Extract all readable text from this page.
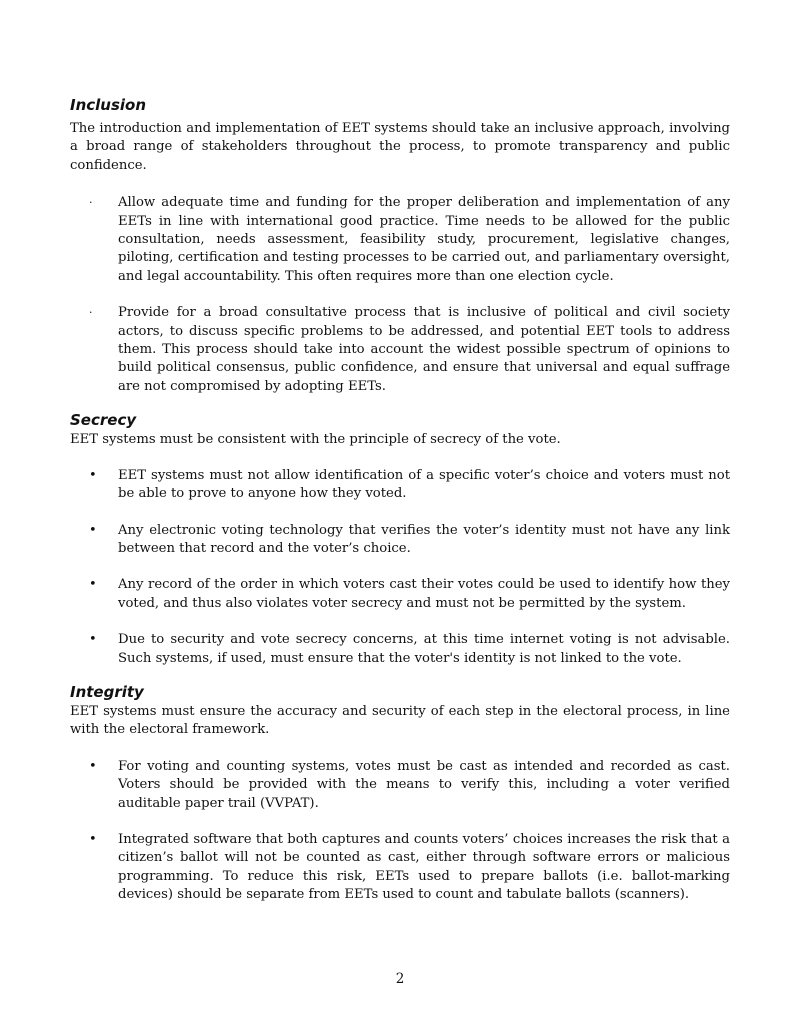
Inclusion

The introduction and implementation of EET systems should take an inclusive approach, involving a broad range of stakeholders throughout the process, to promote transparency and public confidence.

·	Allow adequate time and funding for the proper deliberation and implementation of any EETs in line with international good practice. Time needs to be allowed for the public consultation, needs assessment, feasibility study, procurement, legislative changes, piloting, certification and testing processes to be carried out, and parliamentary oversight, and legal accountability. This often requires more than one election cycle.
·	Provide for a broad consultative process that is inclusive of political and civil society actors, to discuss specific problems to be addressed, and potential EET tools to address them. This process should take into account the widest possible spectrum of opinions to build political consensus, public confidence, and ensure that universal and equal suffrage are not compromised by adopting EETs.
Secrecy

EET systems must be consistent with the principle of secrecy of the vote.

•	EET systems must not allow identification of a specific voter’s choice and voters must not be able to prove to anyone how they voted.
•	Any electronic voting technology that verifies the voter’s identity must not have any link between that record and the voter’s choice.
•	Any record of the order in which voters cast their votes could be used to identify how they voted, and thus also violates voter secrecy and must not be permitted by the system.
•	Due to security and vote secrecy concerns, at this time internet voting is not advisable. Such systems, if used, must ensure that the voter's identity is not linked to the vote.
Integrity

EET systems must ensure the accuracy and security of each step in the electoral process, in line with the electoral framework.

•	For voting and counting systems, votes must be cast as intended and recorded as cast. Voters should be provided with the means to verify this, including a voter verified auditable paper trail (VVPAT).
•	Integrated software that both captures and counts voters’ choices increases the risk that a citizen’s ballot will not be counted as cast, either through software errors or malicious programming. To reduce this risk, EETs used to prepare ballots (i.e. ballot-marking devices) should be separate from EETs used to count and tabulate ballots (scanners).
2
